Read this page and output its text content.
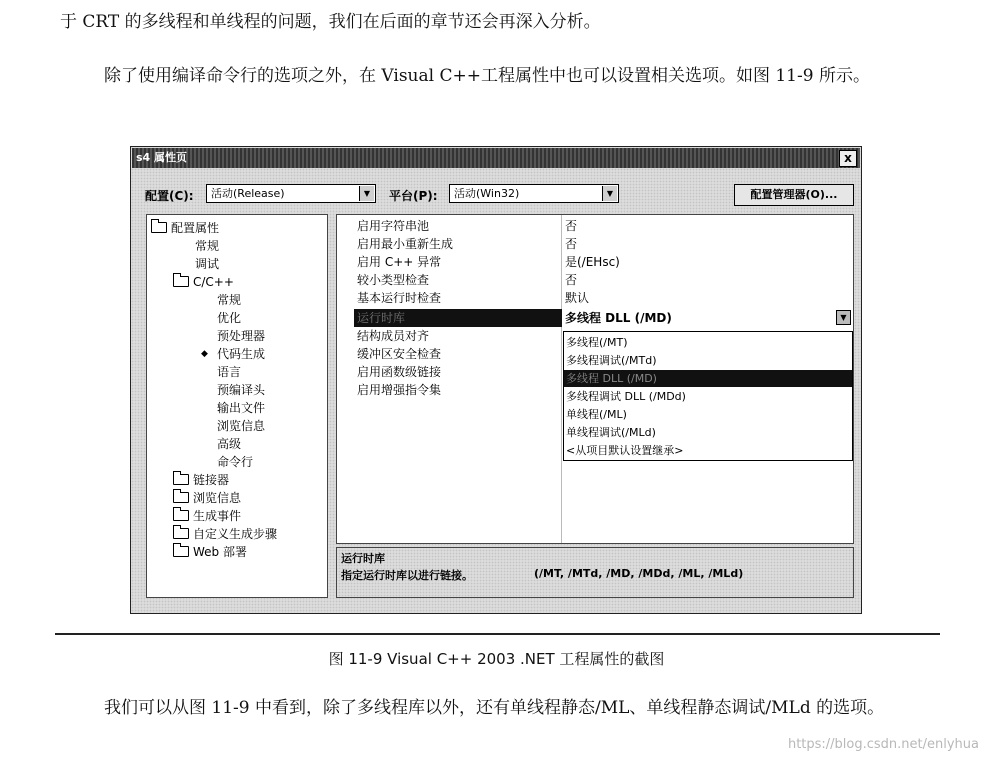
于 CRT 的多线程和单线程的问题，我们在后面的章节还会再深入分析。

除了使用编译命令行的选项之外，在 Visual C++工程属性中也可以设置相关选项。如图 11-9 所示。

s4 属性页	x
配置(C):	活动(Release)	▼	平台(P):	活动(Win32)	▼	配置管理器(O)...
配置属性
常规
调试
C/C++
常规
优化
预处理器
◆ 代码生成
语言
预编译头
输出文件
浏览信息
高级
命令行
链接器
浏览信息
生成事件
自定义生成步骤
Web 部署
启用字符串池	否
启用最小重新生成	否
启用 C++ 异常	是(/EHsc)
较小类型检查	否
基本运行时检查	默认
运行时库	多线程 DLL (/MD)	▼
结构成员对齐
缓冲区安全检查
启用函数级链接
启用增强指令集
多线程(/MT)
多线程调试(/MTd)
多线程 DLL (/MD)
多线程调试 DLL (/MDd)
单线程(/ML)
单线程调试(/MLd)
<从项目默认设置继承>
运行时库
指定运行时库以进行链接。	(/MT, /MTd, /MD, /MDd, /ML, /MLd)
图 11-9 Visual C++ 2003 .NET 工程属性的截图

我们可以从图 11-9 中看到，除了多线程库以外，还有单线程静态/ML、单线程静态调试/MLd 的选项。

https://blog.csdn.net/enlyhua
